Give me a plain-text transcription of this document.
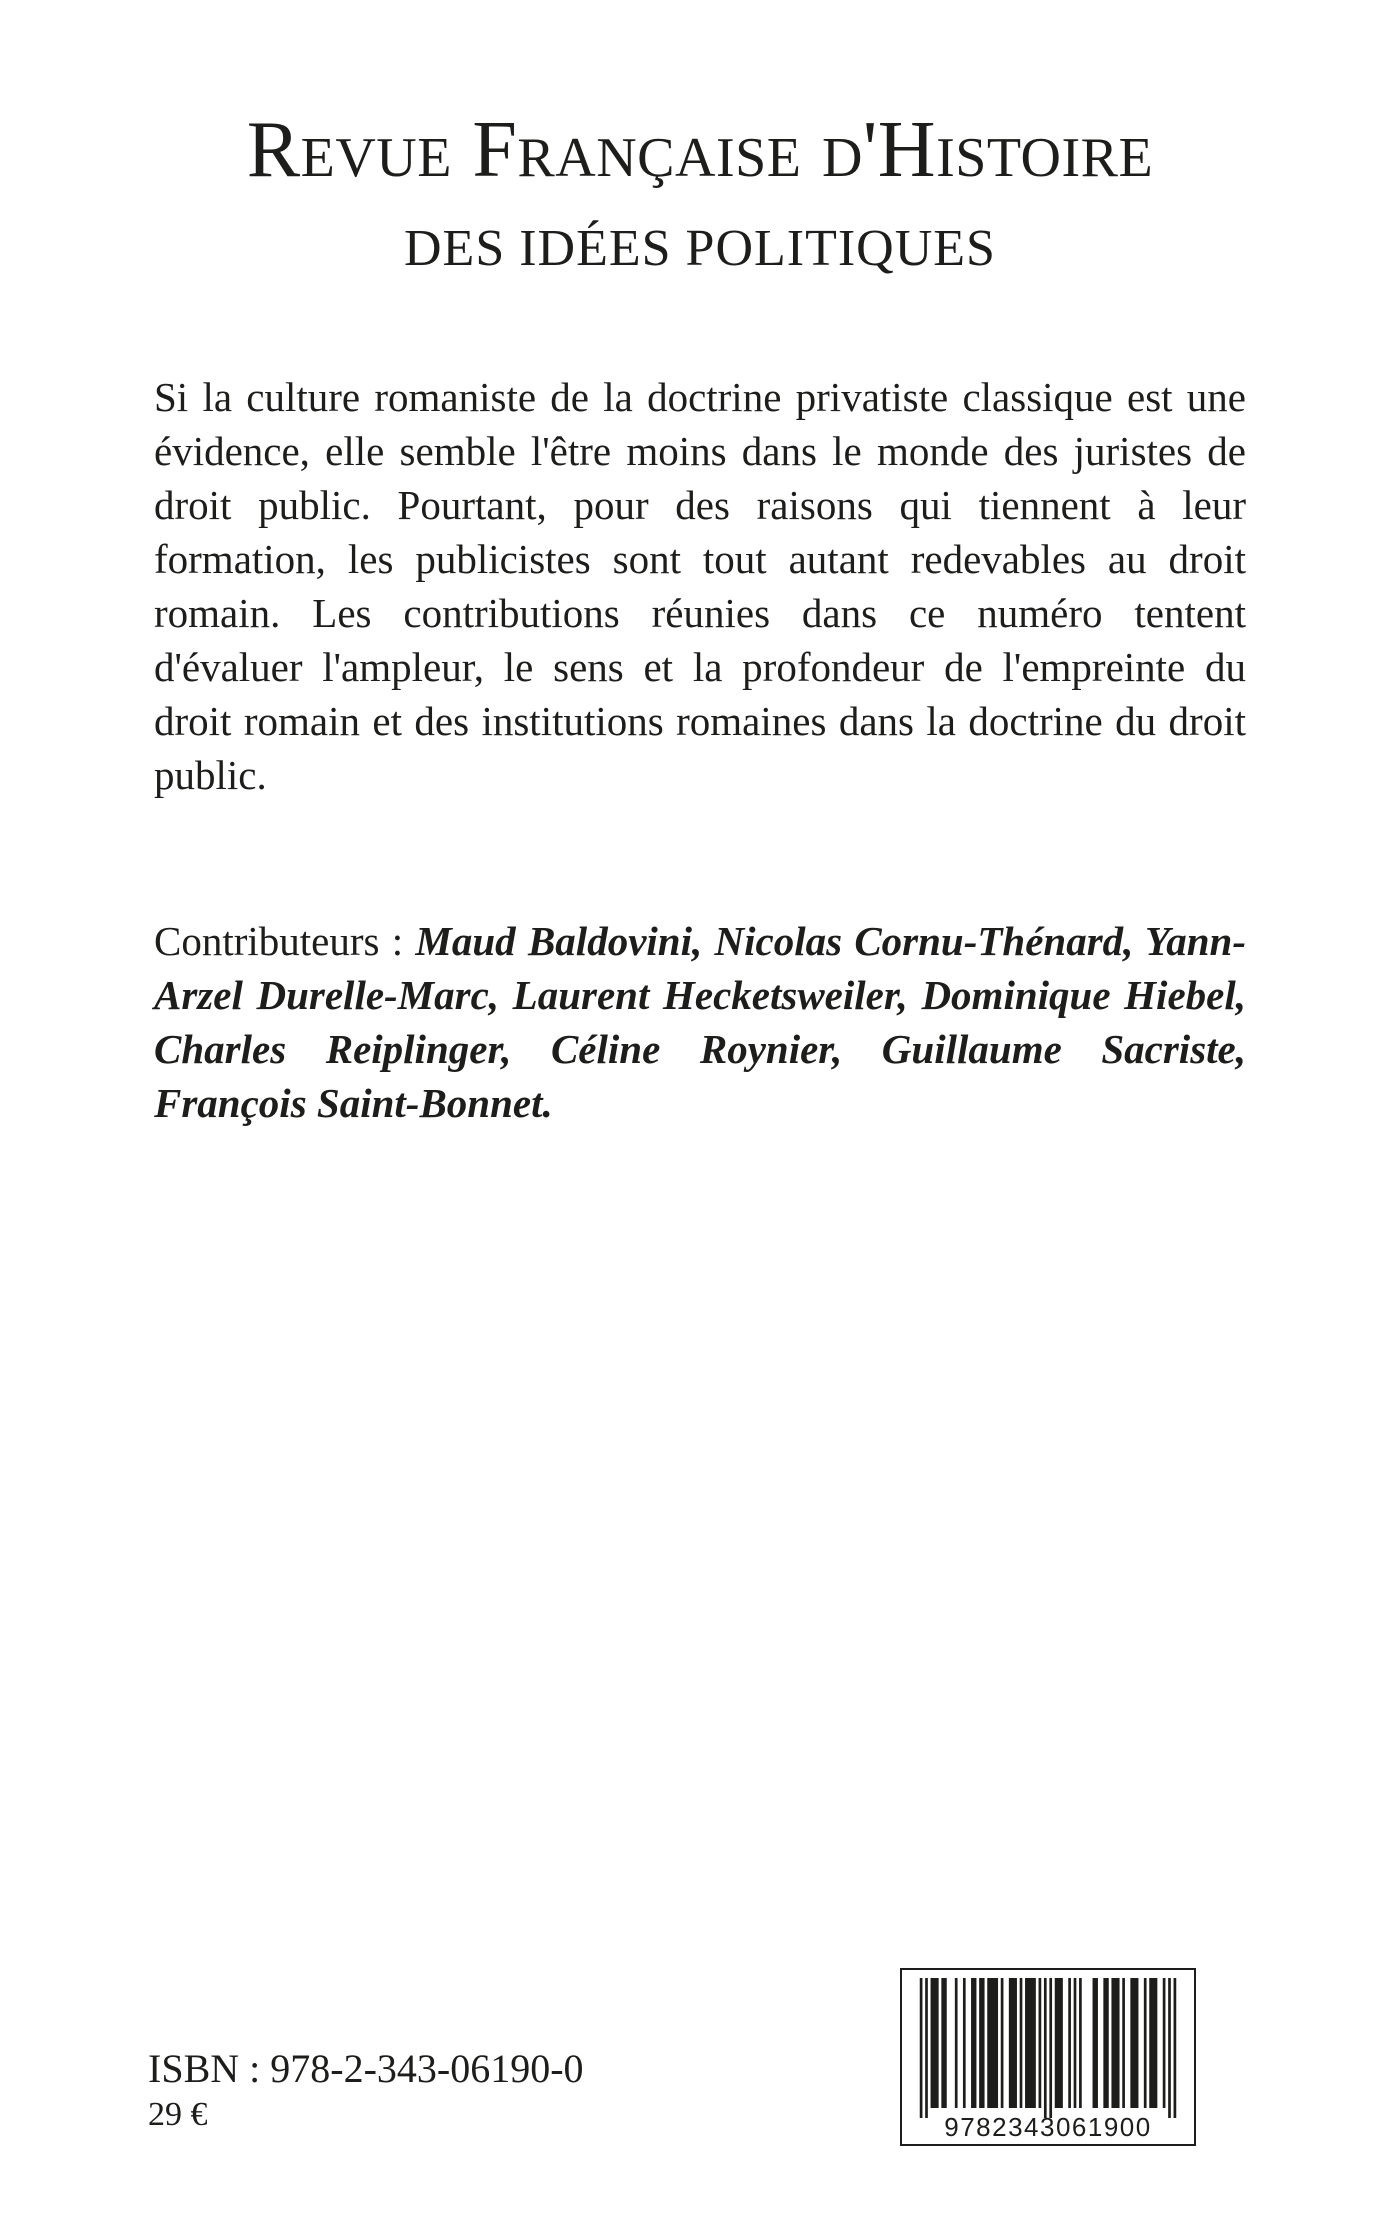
Revue Française d'Histoire
DES IDÉES POLITIQUES

Si la culture romaniste de la doctrine privatiste classique est une évidence, elle semble l'être moins dans le monde des juristes de droit public. Pourtant, pour des raisons qui tiennent à leur formation, les publicistes sont tout autant redevables au droit romain. Les contributions réunies dans ce numéro tentent d'évaluer l'ampleur, le sens et la profondeur de l'empreinte du droit romain et des institutions romaines dans la doctrine du droit public.

Contributeurs : Maud Baldovini, Nicolas Cornu-Thénard, Yann-Arzel Durelle-Marc, Laurent Hecketsweiler, Dominique Hiebel, Charles Reiplinger, Céline Roynier, Guillaume Sacriste, François Saint-Bonnet.

ISBN : 978-2-343-06190-0
29 €	9782343061900
